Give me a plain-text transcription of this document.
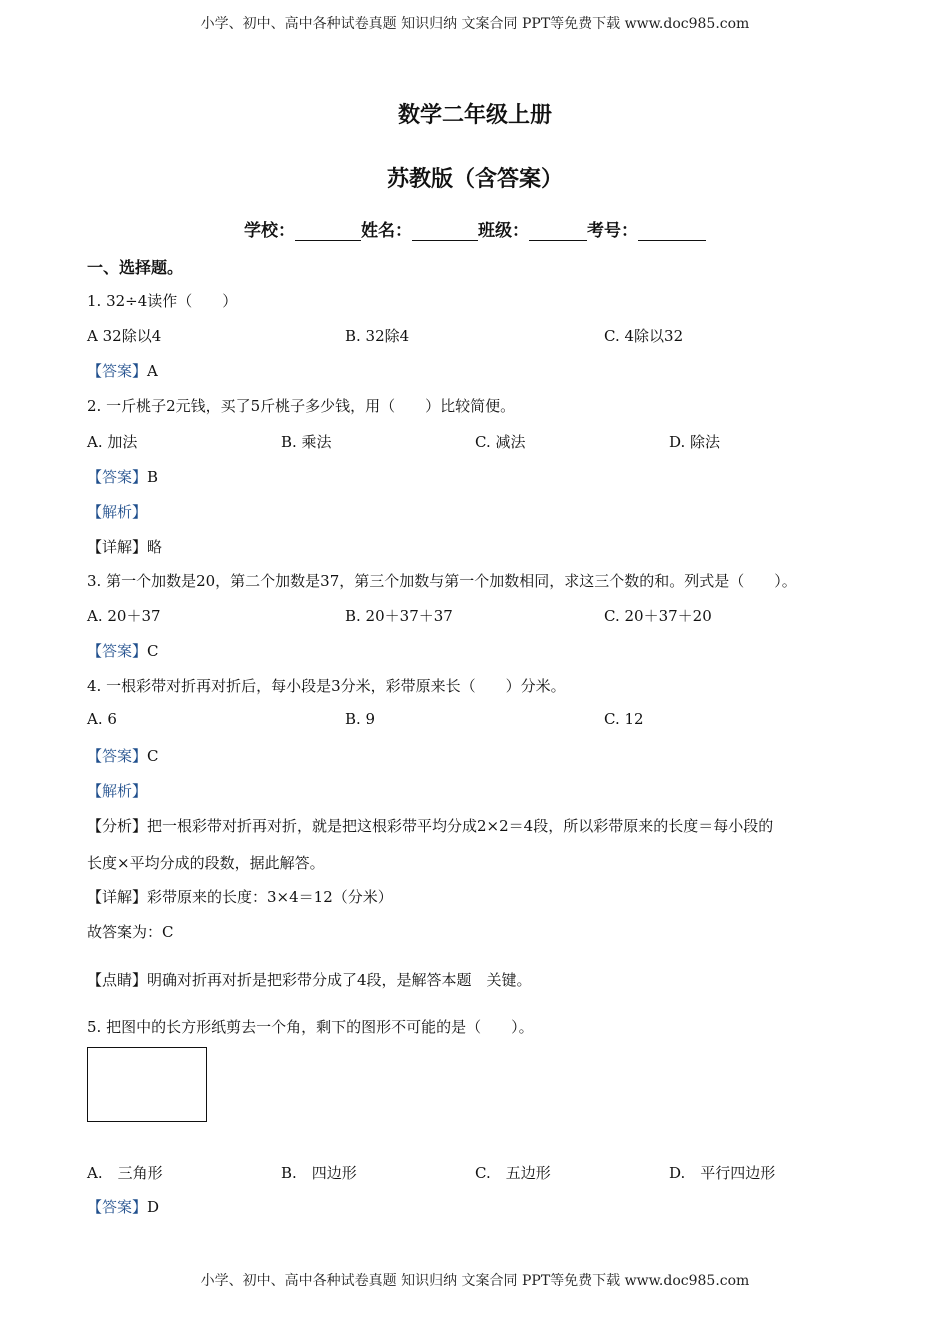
小学、初中、高中各种试卷真题 知识归纳 文案合同 PPT等免费下载 www.doc985.com
数学二年级上册
苏教版（含答案）
学校：	姓名：	班级：	考号：
一、选择题。
1. 32÷4读作（　　）
A 32除以4	B. 32除4	C. 4除以32
【答案】A
2. 一斤桃子2元钱，买了5斤桃子多少钱，用（　　）比较简便。
A. 加法	B. 乘法	C. 减法	D. 除法
【答案】B
【解析】
【详解】略
3. 第一个加数是20，第二个加数是37，第三个加数与第一个加数相同，求这三个数的和。列式是（　　）。
A. 20＋37	B. 20＋37＋37	C. 20＋37＋20
【答案】C
4. 一根彩带对折再对折后，每小段是3分米，彩带原来长（　　）分米。
A. 6	B. 9	C. 12
【答案】C
【解析】
【分析】把一根彩带对折再对折，就是把这根彩带平均分成2×2＝4段，所以彩带原来的长度＝每小段的
长度×平均分成的段数，据此解答。
【详解】彩带原来的长度：3×4＝12（分米）
故答案为：C
【点睛】明确对折再对折是把彩带分成了4段，是解答本题　关键。
5. 把图中的长方形纸剪去一个角，剩下的图形不可能的是（　　）。
A.　三角形	B.　四边形	C.　五边形	D.　平行四边形
【答案】D
小学、初中、高中各种试卷真题 知识归纳 文案合同 PPT等免费下载 www.doc985.com
